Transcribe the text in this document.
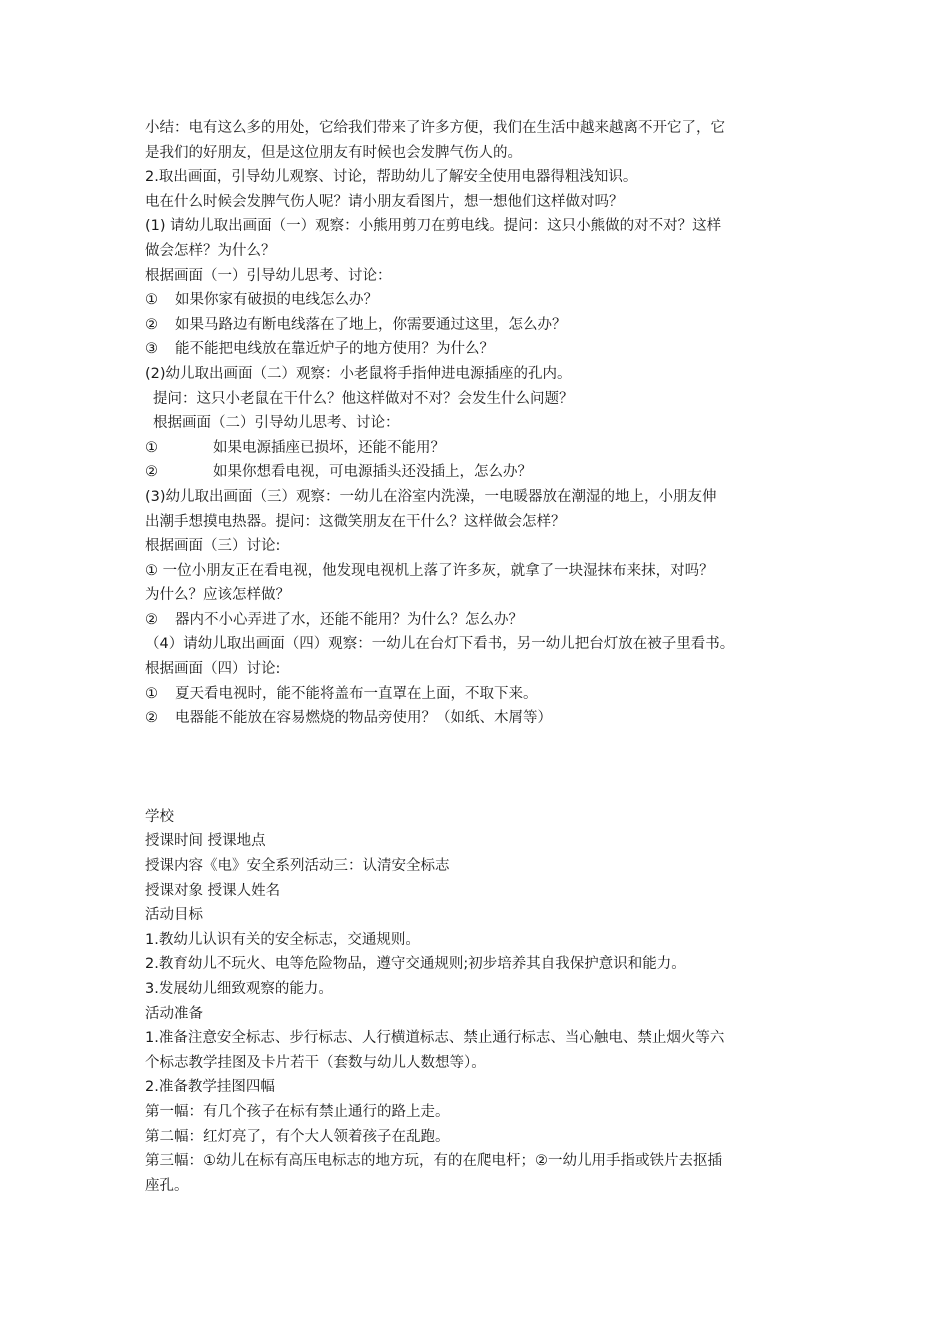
小结：电有这么多的用处，它给我们带来了许多方便，我们在生活中越来越离不开它了，它

是我们的好朋友，但是这位朋友有时候也会发脾气伤人的。

2.取出画面，引导幼儿观察、讨论，帮助幼儿了解安全使用电器得粗浅知识。

电在什么时候会发脾气伤人呢？请小朋友看图片，想一想他们这样做对吗？

(1) 请幼儿取出画面（一）观察：小熊用剪刀在剪电线。提问：这只小熊做的对不对？这样

做会怎样？为什么？

根据画面（一）引导幼儿思考、讨论：

① 如果你家有破损的电线怎么办？

② 如果马路边有断电线落在了地上，你需要通过这里，怎么办？

③ 能不能把电线放在靠近炉子的地方使用？为什么？

(2)幼儿取出画面（二）观察：小老鼠将手指伸进电源插座的孔内。

提问：这只小老鼠在干什么？他这样做对不对？会发生什么问题？

根据画面（二）引导幼儿思考、讨论：

①	如果电源插座已损坏，还能不能用？

②	如果你想看电视，可电源插头还没插上，怎么办？

(3)幼儿取出画面（三）观察：一幼儿在浴室内洗澡，一电暖器放在潮湿的地上，小朋友伸

出潮手想摸电热器。提问：这微笑朋友在干什么？这样做会怎样？

根据画面（三）讨论:

① 一位小朋友正在看电视，他发现电视机上落了许多灰，就拿了一块湿抹布来抹，对吗？

为什么？应该怎样做？

② 器内不小心弄进了水，还能不能用？为什么？怎么办？

（4）请幼儿取出画面（四）观察：一幼儿在台灯下看书，另一幼儿把台灯放在被子里看书。

根据画面（四）讨论:

① 夏天看电视时，能不能将盖布一直罩在上面，不取下来。

② 电器能不能放在容易燃烧的物品旁使用？（如纸、木屑等）

学校

授课时间 授课地点

授课内容《电》安全系列活动三：认清安全标志

授课对象 授课人姓名

活动目标

1.教幼儿认识有关的安全标志，交通规则。

2.教育幼儿不玩火、电等危险物品，遵守交通规则;初步培养其自我保护意识和能力。

3.发展幼儿细致观察的能力。

活动准备

1.准备注意安全标志、步行标志、人行横道标志、禁止通行标志、当心触电、禁止烟火等六

个标志教学挂图及卡片若干（套数与幼儿人数想等）。

2.准备教学挂图四幅

第一幅：有几个孩子在标有禁止通行的路上走。

第二幅：红灯亮了，有个大人领着孩子在乱跑。

第三幅：①幼儿在标有高压电标志的地方玩，有的在爬电杆；②一幼儿用手指或铁片去抠插

座孔。
